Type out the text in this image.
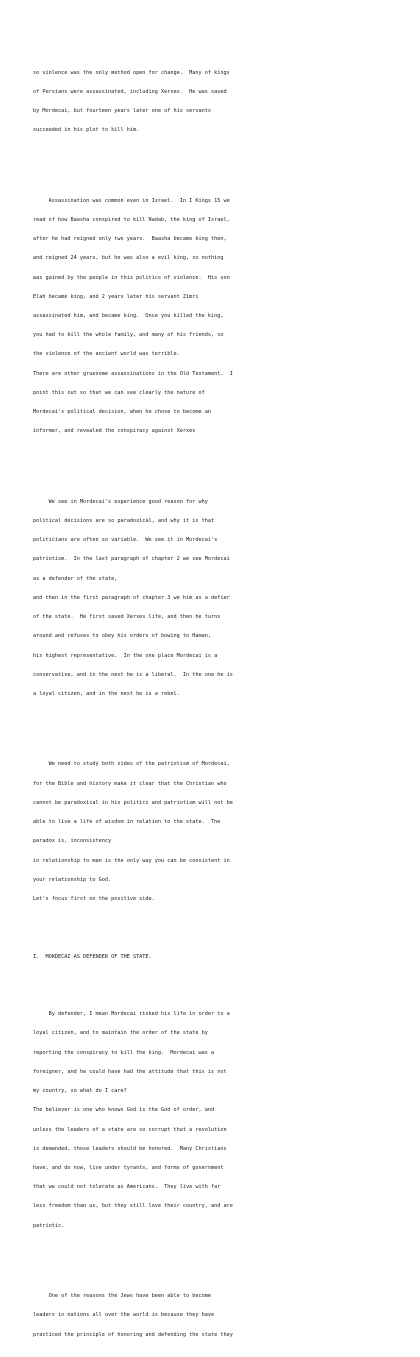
so violence was the only method open for change.  Many of kings

of Persians were assassinated, including Xerxes.  He was saved

by Mordecai, but fourteen years later one of his servants

succeeded in his plot to kill him.

Assassination was common even in Israel.  In I Kings 15 we

read of how Baasha conspired to kill Nadab, the king of Israel,

after he had reigned only two years.  Baasha became king then,

and reigned 24 years, but he was also a evil king, so nothing

was gained by the people in this politics of violence.  His son

Elah became king, and 2 years later his servant Zimri

assassinated him, and became king.  Once you killed the king,

you had to kill the whole family, and many of his friends, so

the violence of the ancient world was terrible.

There are other gruesome assassinations in the Old Testament.  I

point this out so that we can see clearly the nature of

Mordecai's political decision, when he chose to become an

informer, and revealed the conspiracy against Xerxes

We see in Mordecai's experience good reason for why

political decisions are so paradoxical, and why it is that

politicians are often so variable.  We see it in Mordecai's

patriotism.  In the last paragraph of chapter 2 we see Mordecai

as a defender of the state,

and then in the first paragraph of chapter 3 we him as a defier

of the state.  He first saved Xerxes life, and then he turns

around and refuses to obey his orders of bowing to Haman,

his highest representative.  In the one place Mordecai is a

conservative, and in the next he is a liberal.  In the one he is

a loyal citizen, and in the next he is a rebel.

We need to study both sides of the patriotism of Mordecai,

for the Bible and history make it clear that the Christian who

cannot be paradoxical in his politics and patriotism will not be

able to live a life of wisdom in relation to the state.  The

paradox is, inconsistency

in relationship to man is the only way you can be consistent in

your relationship to God.

Let's focus first on the positive side.

I.  MORDECAI AS DEFENDER OF THE STATE.

By defender, I mean Mordecai risked his life in order to a

loyal citizen, and to maintain the order of the state by

reporting the conspiracy to kill the king.  Mordecai was a

foreigner, and he could have had the attitude that this is not

my country, so what do I care?

The believer is one who knows God is the God of order, and

unless the leaders of a state are so corrupt that a revolution

is demanded, those leaders should be honored.  Many Christians

have, and do now, live under tyrants, and forms of government

that we could not tolerate as Americans.  They live with far

less freedom than us, but they still love their country, and are

patriotic.

One of the reasons the Jews have been able to become

leaders in nations all over the world is because they have

practiced the principle of honoring and defending the state they
